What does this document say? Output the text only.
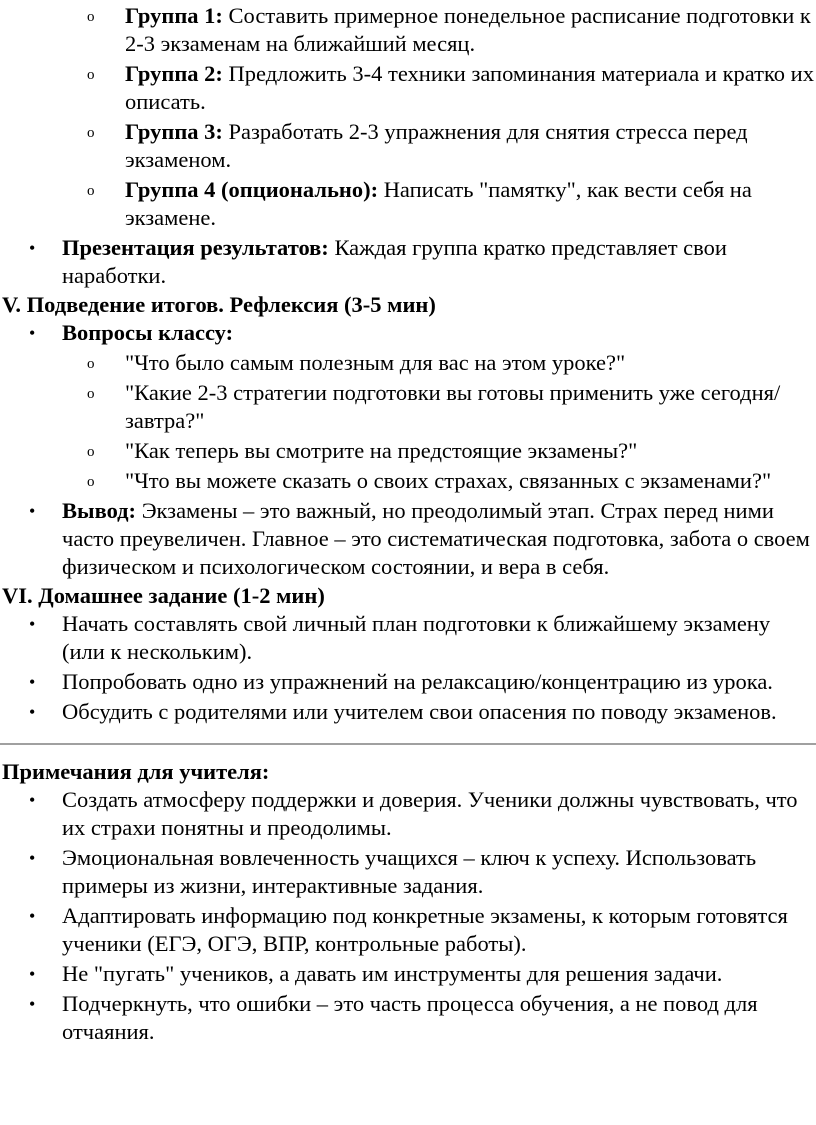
o Группа 1: Составить примерное понедельное расписание подготовки к 2-3 экзаменам на ближайший месяц.
o Группа 2: Предложить 3-4 техники запоминания материала и кратко их описать.
o Группа 3: Разработать 2-3 упражнения для снятия стресса перед экзаменом.
o Группа 4 (опционально): Написать "памятку", как вести себя на экзамене.
• Презентация результатов: Каждая группа кратко представляет свои наработки.
V. Подведение итогов. Рефлексия (3-5 мин)
• Вопросы классу:
o "Что было самым полезным для вас на этом уроке?"
o "Какие 2-3 стратегии подготовки вы готовы применить уже сегодня/завтра?"
o "Как теперь вы смотрите на предстоящие экзамены?"
o "Что вы можете сказать о своих страхах, связанных с экзаменами?"
• Вывод: Экзамены – это важный, но преодолимый этап. Страх перед ними часто преувеличен. Главное – это систематическая подготовка, забота о своем физическом и психологическом состоянии, и вера в себя.
VI. Домашнее задание (1-2 мин)
• Начать составлять свой личный план подготовки к ближайшему экзамену (или к нескольким).
• Попробовать одно из упражнений на релаксацию/концентрацию из урока.
• Обсудить с родителями или учителем свои опасения по поводу экзаменов.
Примечания для учителя:
• Создать атмосферу поддержки и доверия. Ученики должны чувствовать, что их страхи понятны и преодолимы.
• Эмоциональная вовлеченность учащихся – ключ к успеху. Использовать примеры из жизни, интерактивные задания.
• Адаптировать информацию под конкретные экзамены, к которым готовятся ученики (ЕГЭ, ОГЭ, ВПР, контрольные работы).
• Не "пугать" учеников, а давать им инструменты для решения задачи.
• Подчеркнуть, что ошибки – это часть процесса обучения, а не повод для отчаяния.
